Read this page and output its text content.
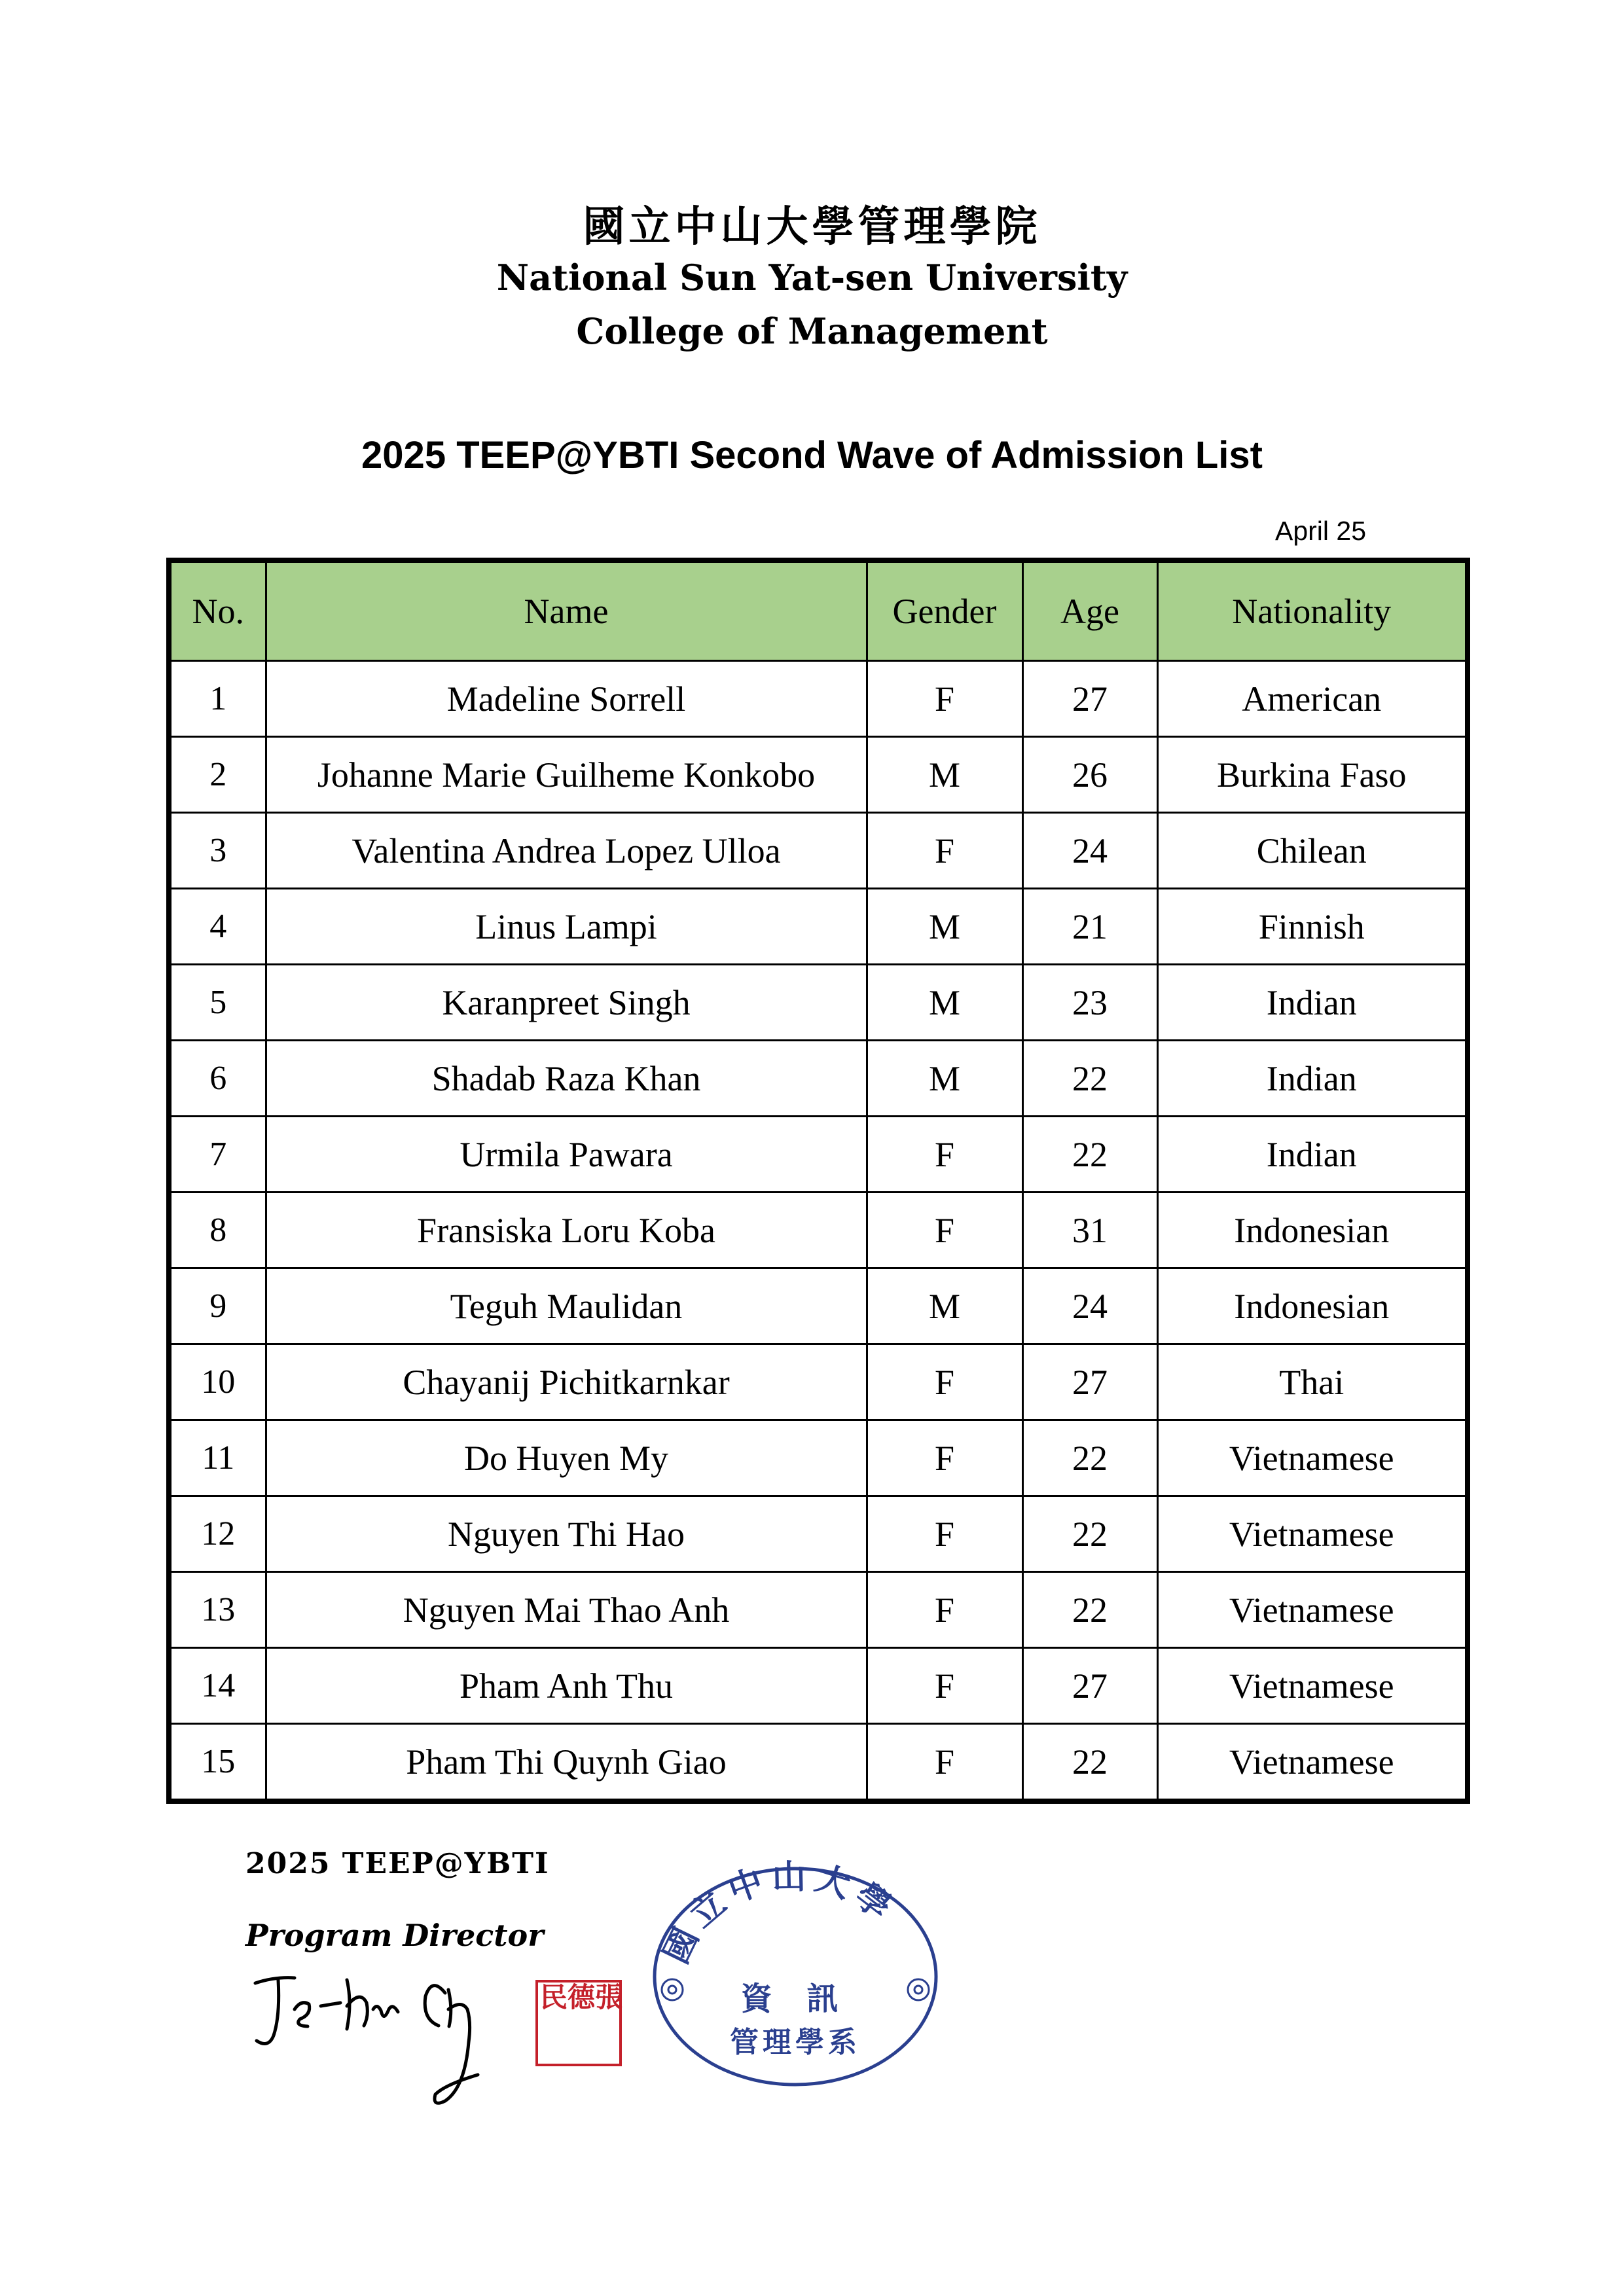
國立中山大學管理學院
National Sun Yat-sen University
College of Management
2025 TEEP@YBTI Second Wave of Admission List
April 25
No.	Name	Gender	Age	Nationality
1	Madeline Sorrell	F	27	American
2	Johanne Marie Guilheme Konkobo	M	26	Burkina Faso
3	Valentina Andrea Lopez Ulloa	F	24	Chilean
4	Linus Lampi	M	21	Finnish
5	Karanpreet Singh	M	23	Indian
6	Shadab Raza Khan	M	22	Indian
7	Urmila Pawara	F	22	Indian
8	Fransiska Loru Koba	F	31	Indonesian
9	Teguh Maulidan	M	24	Indonesian
10	Chayanij Pichitkarnkar	F	27	Thai
11	Do Huyen My	F	22	Vietnamese
12	Nguyen Thi Hao	F	22	Vietnamese
13	Nguyen Mai Thao Anh	F	22	Vietnamese
14	Pham Anh Thu	F	27	Vietnamese
15	Pham Thi Quynh Giao	F	22	Vietnamese
2025 TEEP@YBTI
Program Director
張德民
國立中山大學
資 訊
管理學系
